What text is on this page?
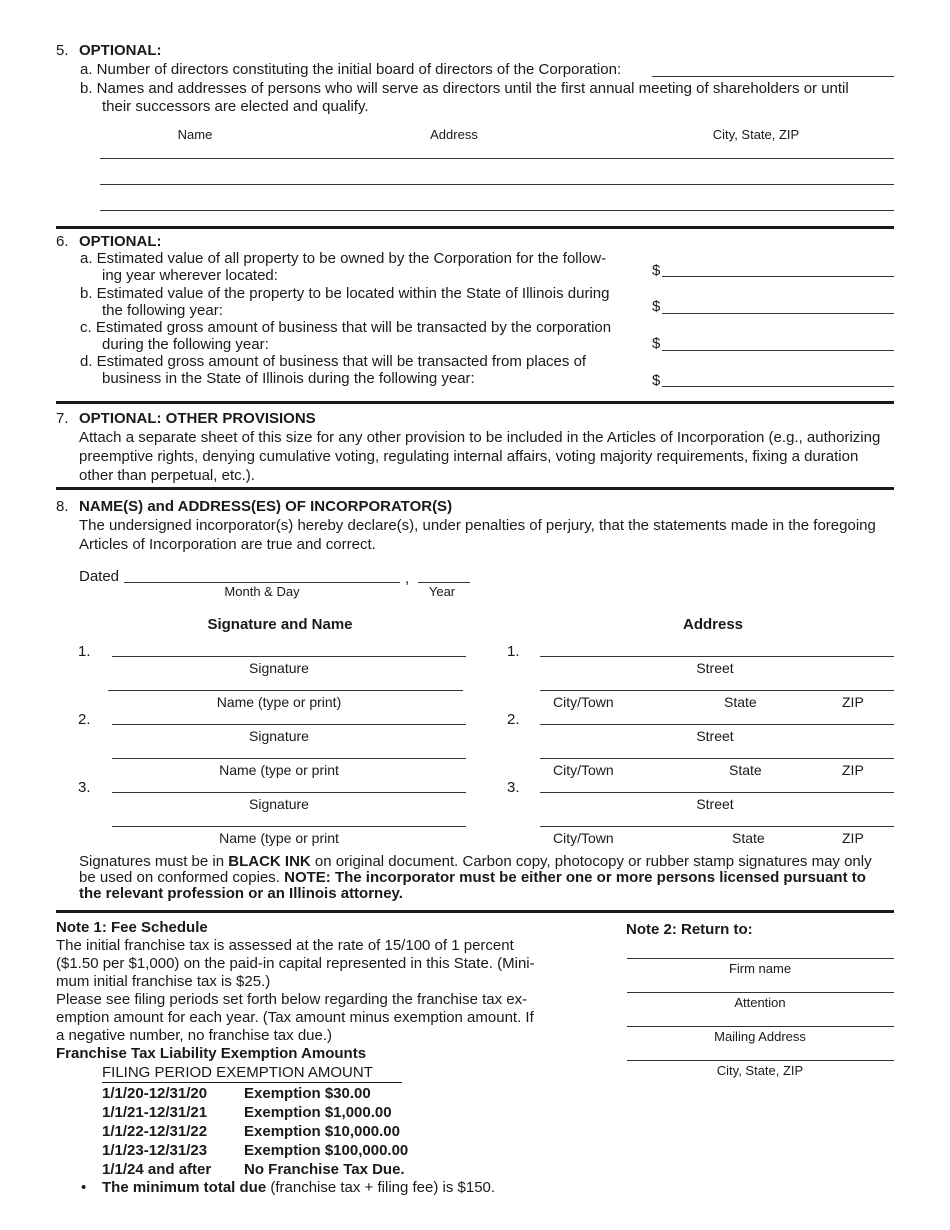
5. OPTIONAL:
a. Number of directors constituting the initial board of directors of the Corporation:
b. Names and addresses of persons who will serve as directors until the first annual meeting of shareholders or until
their successors are elected and qualify.
Name	Address	City, State, ZIP
6. OPTIONAL:
a. Estimated value of all property to be owned by the Corporation for the follow-
ing year wherever located:	$
b. Estimated value of the property to be located within the State of Illinois during
the following year:	$
c. Estimated gross amount of business that will be transacted by the corporation
during the following year:	$
d. Estimated gross amount of business that will be transacted from places of
business in the State of Illinois during the following year:	$
7. OPTIONAL: OTHER PROVISIONS
Attach a separate sheet of this size for any other provision to be included in the Articles of Incorporation (e.g., authorizing
preemptive rights, denying cumulative voting, regulating internal affairs, voting majority requirements, fixing a duration
other than perpetual, etc.).
8. NAME(S) and ADDRESS(ES) OF INCORPORATOR(S)
The undersigned incorporator(s) hereby declare(s), under penalties of perjury, that the statements made in the foregoing
Articles of Incorporation are true and correct.
Dated	,
Month & Day	Year
Signature and Name	Address
1.
Signature
Name (type or print)
1.
Street
City/Town	State	ZIP
2.
Signature
Name (type or print
2.
Street
City/Town	State	ZIP
3.
Signature
Name (type or print
3.
Street
City/Town	State	ZIP
Signatures must be in BLACK INK on original document. Carbon copy, photocopy or rubber stamp signatures may only
be used on conformed copies. NOTE: The incorporator must be either one or more persons licensed pursuant to
the relevant profession or an Illinois attorney.
Note 1: Fee Schedule
The initial franchise tax is assessed at the rate of 15/100 of 1 percent
($1.50 per $1,000) on the paid-in capital represented in this State. (Mini-
mum initial franchise tax is $25.)
Please see filing periods set forth below regarding the franchise tax ex-
emption amount for each year. (Tax amount minus exemption amount. If
a negative number, no franchise tax due.)
Franchise Tax Liability Exemption Amounts
FILING PERIOD EXEMPTION AMOUNT
1/1/20-12/31/20	Exemption $30.00
1/1/21-12/31/21	Exemption $1,000.00
1/1/22-12/31/22	Exemption $10,000.00
1/1/23-12/31/23	Exemption $100,000.00
1/1/24 and after	No Franchise Tax Due.
• The minimum total due (franchise tax + filing fee) is $150.
Note 2: Return to:
Firm name
Attention
Mailing Address
City, State, ZIP
